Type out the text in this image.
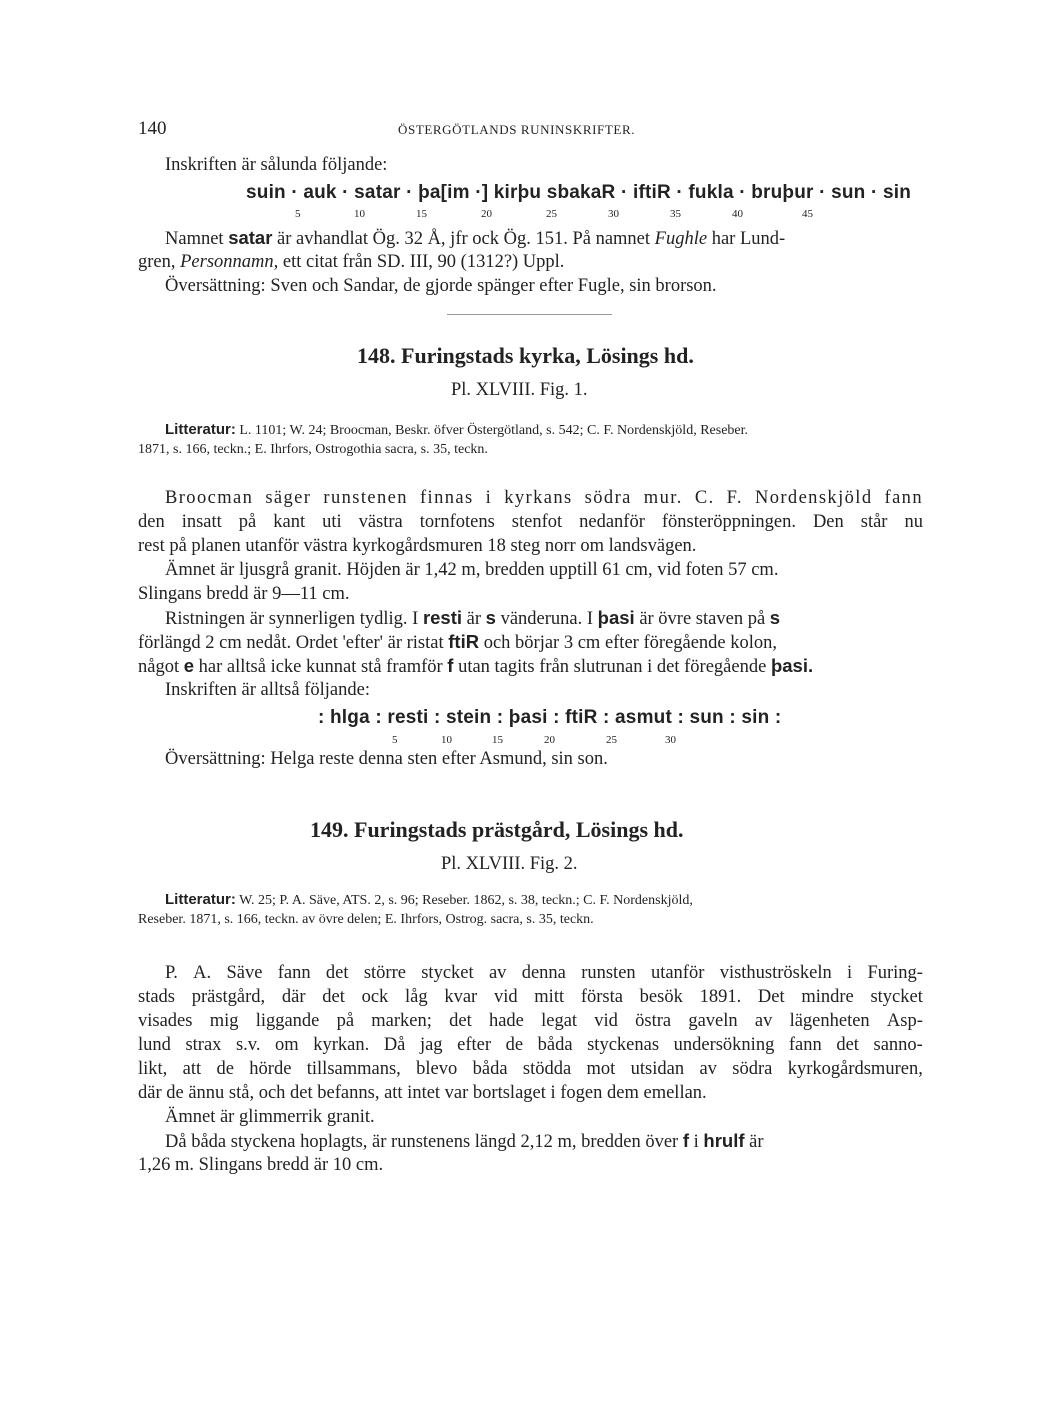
140	ÖSTERGÖTLANDS RUNINSKRIFTER.
Inskriften är sålunda följande:
suin · auk · satar · þa[im ·] kirþu sbakaR · iftiR · fukla · bruþur · sun · sin
5	10	15	20	25	30	35	40	45
Namnet satar är avhandlat Ög. 32 Å, jfr ock Ög. 151. På namnet Fughle har Lund-
gren, Personnamn, ett citat från SD. III, 90 (1312?) Uppl.
Översättning: Sven och Sandar, de gjorde spänger efter Fugle, sin brorson.
148. Furingstads kyrka, Lösings hd.
Pl. XLVIII. Fig. 1.
Litteratur: L. 1101; W. 24; Broocman, Beskr. öfver Östergötland, s. 542; C. F. Nordenskjöld, Reseber.
1871, s. 166, teckn.; E. Ihrfors, Ostrogothia sacra, s. 35, teckn.
Broocman säger runstenen finnas i kyrkans södra mur. C. F. Nordenskjöld fann
den insatt på kant uti västra tornfotens stenfot nedanför fönsteröppningen. Den står nu
rest på planen utanför västra kyrkogårdsmuren 18 steg norr om landsvägen.
Ämnet är ljusgrå granit. Höjden är 1,42 m, bredden upptill 61 cm, vid foten 57 cm.
Slingans bredd är 9—11 cm.
Ristningen är synnerligen tydlig. I resti är s vänderuna. I þasi är övre staven på s
förlängd 2 cm nedåt. Ordet 'efter' är ristat ftiR och börjar 3 cm efter föregående kolon,
något e har alltså icke kunnat stå framför f utan tagits från slutrunan i det föregående þasi.
Inskriften är alltså följande:
: hlga : resti : stein : þasi : ftiR : asmut : sun : sin :
5	10	15	20	25	30
Översättning: Helga reste denna sten efter Asmund, sin son.
149. Furingstads prästgård, Lösings hd.
Pl. XLVIII. Fig. 2.
Litteratur: W. 25; P. A. Säve, ATS. 2, s. 96; Reseber. 1862, s. 38, teckn.; C. F. Nordenskjöld,
Reseber. 1871, s. 166, teckn. av övre delen; E. Ihrfors, Ostrog. sacra, s. 35, teckn.
P. A. Säve fann det större stycket av denna runsten utanför visthuströskeln i Furing-
stads prästgård, där det ock låg kvar vid mitt första besök 1891. Det mindre stycket
visades mig liggande på marken; det hade legat vid östra gaveln av lägenheten Asp-
lund strax s.v. om kyrkan. Då jag efter de båda styckenas undersökning fann det sanno-
likt, att de hörde tillsammans, blevo båda stödda mot utsidan av södra kyrkogårdsmuren,
där de ännu stå, och det befanns, att intet var bortslaget i fogen dem emellan.
Ämnet är glimmerrik granit.
Då båda styckena hoplagts, är runstenens längd 2,12 m, bredden över f i hrulf är
1,26 m. Slingans bredd är 10 cm.
